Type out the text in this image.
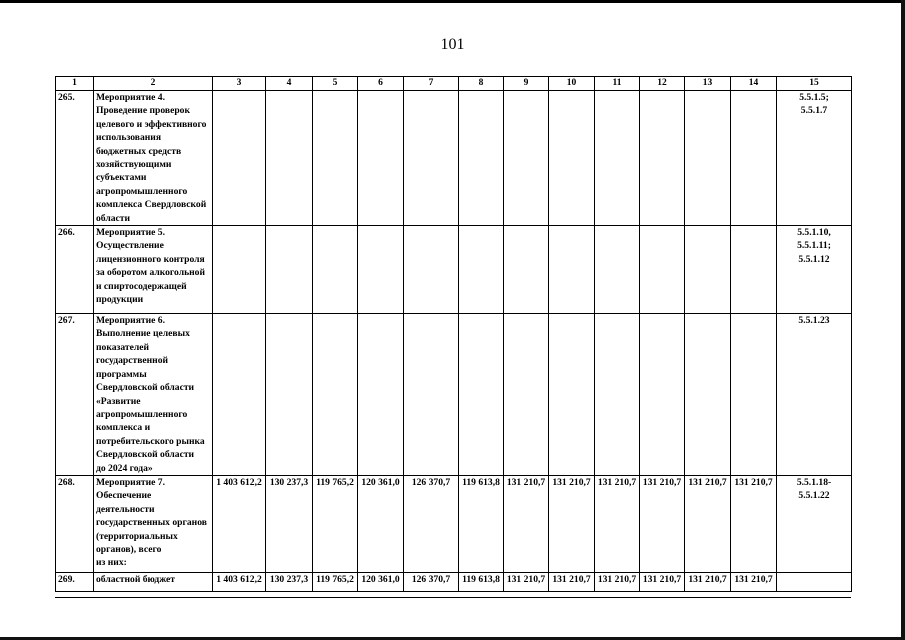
101
1	2	3	4	5	6	7	8	9	10	11	12	13	14	15
265.	Мероприятие 4.
Проведение проверок целевого и эффективного использования бюджетных средств хозяйствующими субъектами агропромышленного комплекса Свердловской области													5.5.1.5;
5.5.1.7
266.	Мероприятие 5.
Осуществление лицензионного контроля за оборотом алкогольной и спиртосодержащей продукции													5.5.1.10,
5.5.1.11;
5.5.1.12
267.	Мероприятие 6.
Выполнение целевых показателей государственной программы Свердловской области «Развитие агропромышленного комплекса и потребительского рынка Свердловской области
до 2024 года»													5.5.1.23
268.	Мероприятие 7.
Обеспечение деятельности государственных органов (территориальных органов), всего
из них:	1 403 612,2	130 237,3	119 765,2	120 361,0	126 370,7	119 613,8	131 210,7	131 210,7	131 210,7	131 210,7	131 210,7	131 210,7	5.5.1.18-
5.5.1.22
269.	областной бюджет	1 403 612,2	130 237,3	119 765,2	120 361,0	126 370,7	119 613,8	131 210,7	131 210,7	131 210,7	131 210,7	131 210,7	131 210,7	
